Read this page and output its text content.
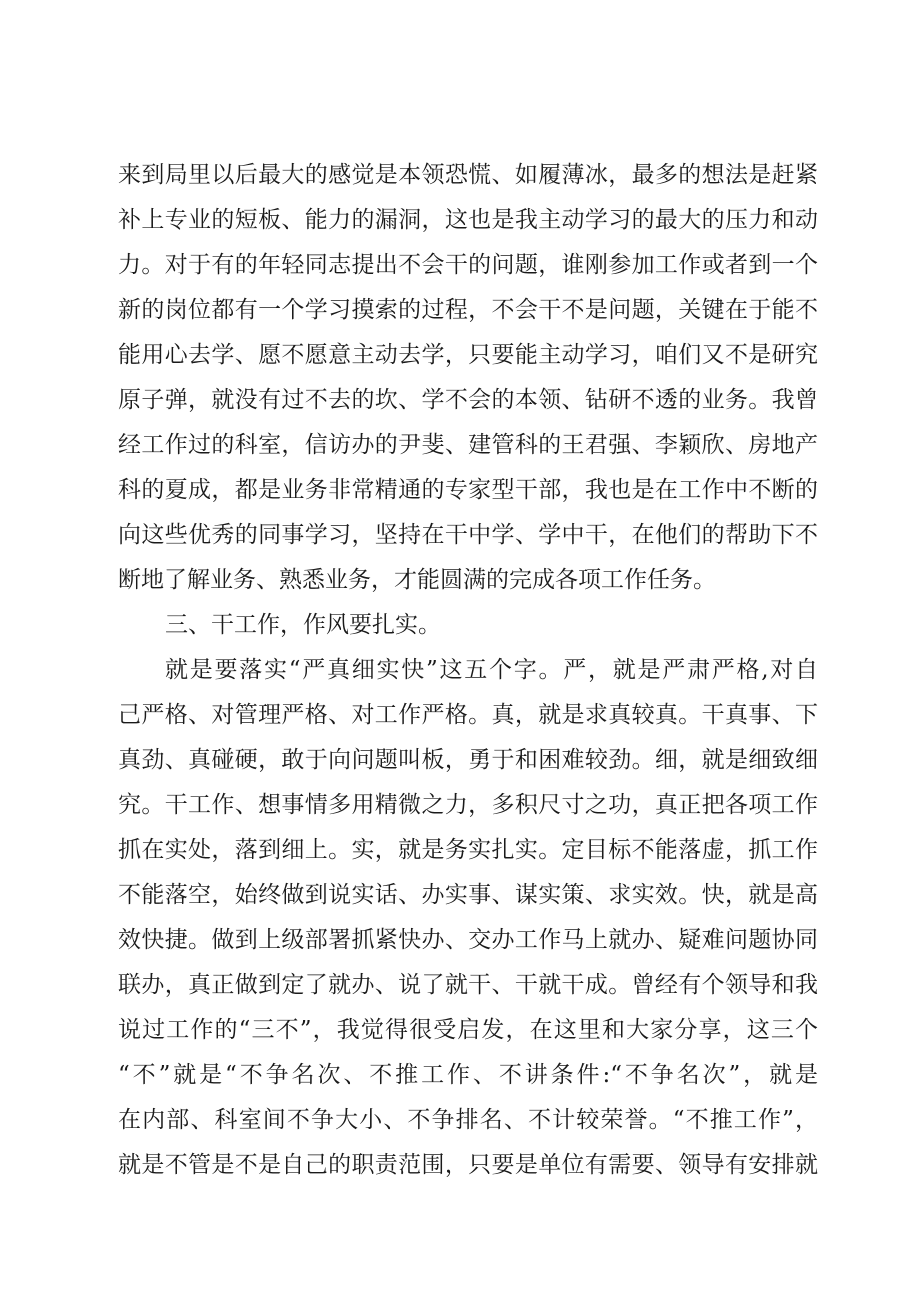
来到局里以后最大的感觉是本领恐慌、如履薄冰，最多的想法是赶紧
补上专业的短板、能力的漏洞，这也是我主动学习的最大的压力和动
力。对于有的年轻同志提出不会干的问题，谁刚参加工作或者到一个
新的岗位都有一个学习摸索的过程，不会干不是问题，关键在于能不
能用心去学、愿不愿意主动去学，只要能主动学习，咱们又不是研究
原子弹，就没有过不去的坎、学不会的本领、钻研不透的业务。我曾
经工作过的科室，信访办的尹斐、建管科的王君强、李颖欣、房地产
科的夏成，都是业务非常精通的专家型干部，我也是在工作中不断的
向这些优秀的同事学习，坚持在干中学、学中干，在他们的帮助下不
断地了解业务、熟悉业务，才能圆满的完成各项工作任务。
三、干工作，作风要扎实。
就是要落实“严真细实快”这五个字。严，就是严肃严格,对自
己严格、对管理严格、对工作严格。真，就是求真较真。干真事、下
真劲、真碰硬，敢于向问题叫板，勇于和困难较劲。细，就是细致细
究。干工作、想事情多用精微之力，多积尺寸之功，真正把各项工作
抓在实处，落到细上。实，就是务实扎实。定目标不能落虚，抓工作
不能落空，始终做到说实话、办实事、谋实策、求实效。快，就是高
效快捷。做到上级部署抓紧快办、交办工作马上就办、疑难问题协同
联办，真正做到定了就办、说了就干、干就干成。曾经有个领导和我
说过工作的“三不”，我觉得很受启发，在这里和大家分享，这三个
“不”就是“不争名次、不推工作、不讲条件:“不争名次”，就是
在内部、科室间不争大小、不争排名、不计较荣誉。“不推工作”，
就是不管是不是自己的职责范围，只要是单位有需要、领导有安排就
